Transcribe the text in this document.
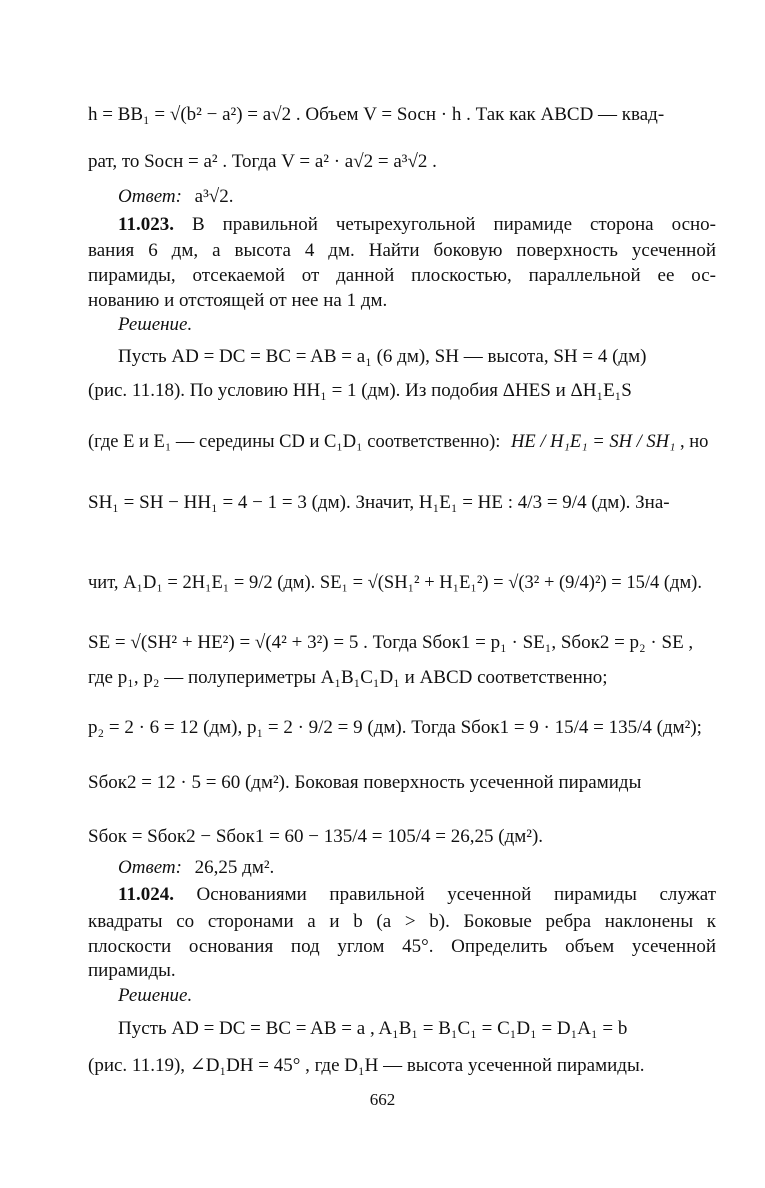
h = BB₁ = √(b² − a²) = a√2 . Объем V = Sосн · h . Так как ABCD — квад-
рат, то Sосн = a² . Тогда V = a² · a√2 = a³√2 .
Ответ: a³√2.
11.023. В правильной четырехугольной пирамиде сторона осно-
вания 6 дм, а высота 4 дм. Найти боковую поверхность усеченной
пирамиды, отсекаемой от данной плоскостью, параллельной ее ос-
нованию и отстоящей от нее на 1 дм.
Решение.
Пусть AD = DC = BC = AB = a₁ (6 дм), SH — высота, SH = 4 (дм)
(рис. 11.18). По условию HH₁ = 1 (дм). Из подобия ΔHES и ΔH₁E₁S
(где E и E₁ — середины CD и C₁D₁ соответственно): HE / H₁E₁ = SH / SH₁ , но
SH₁ = SH − HH₁ = 4 − 1 = 3 (дм). Значит, H₁E₁ = HE : 4/3 = 9/4 (дм). Зна-
чит, A₁D₁ = 2H₁E₁ = 9/2 (дм). SE₁ = √(SH₁² + H₁E₁²) = √(3² + (9/4)²) = 15/4 (дм).
SE = √(SH² + HE²) = √(4² + 3²) = 5 . Тогда Sбок1 = p₁ · SE₁, Sбок2 = p₂ · SE ,
где p₁, p₂ — полупериметры A₁B₁C₁D₁ и ABCD соответственно;
p₂ = 2 · 6 = 12 (дм), p₁ = 2 · 9/2 = 9 (дм). Тогда Sбок1 = 9 · 15/4 = 135/4 (дм²);
Sбок2 = 12 · 5 = 60 (дм²). Боковая поверхность усеченной пирамиды
Sбок = Sбок2 − Sбок1 = 60 − 135/4 = 105/4 = 26,25 (дм²).
Ответ: 26,25 дм².
11.024. Основаниями правильной усеченной пирамиды служат
квадраты со сторонами a и b (a > b). Боковые ребра наклонены к
плоскости основания под углом 45°. Определить объем усеченной
пирамиды.
Решение.
Пусть AD = DC = BC = AB = a , A₁B₁ = B₁C₁ = C₁D₁ = D₁A₁ = b
(рис. 11.19), ∠D₁DH = 45° , где D₁H — высота усеченной пирамиды.
662
